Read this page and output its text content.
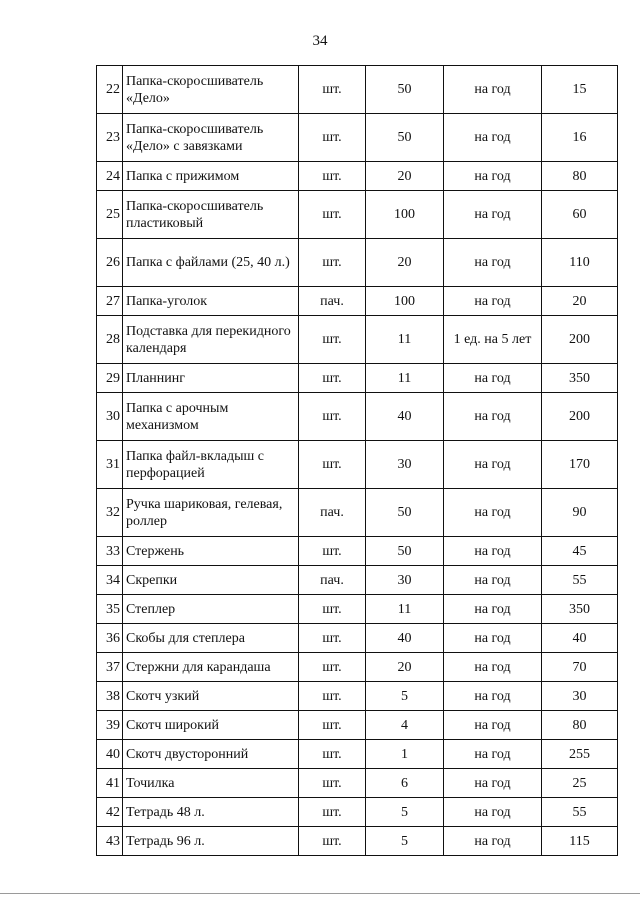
34
22	Папка-скоросшиватель «Дело»	шт.	50	на год	15
23	Папка-скоросшиватель «Дело» с завязками	шт.	50	на год	16
24	Папка с прижимом	шт.	20	на год	80
25	Папка-скоросшиватель пластиковый	шт.	100	на год	60
26	Папка с файлами (25, 40 л.)	шт.	20	на год	110
27	Папка-уголок	пач.	100	на год	20
28	Подставка для перекидного календаря	шт.	11	1 ед. на 5 лет	200
29	Планнинг	шт.	11	на год	350
30	Папка с арочным механизмом	шт.	40	на год	200
31	Папка файл-вкладыш с перфорацией	шт.	30	на год	170
32	Ручка шариковая, гелевая, роллер	пач.	50	на год	90
33	Стержень	шт.	50	на год	45
34	Скрепки	пач.	30	на год	55
35	Степлер	шт.	11	на год	350
36	Скобы для степлера	шт.	40	на год	40
37	Стержни для карандаша	шт.	20	на год	70
38	Скотч узкий	шт.	5	на год	30
39	Скотч широкий	шт.	4	на год	80
40	Скотч двусторонний	шт.	1	на год	255
41	Точилка	шт.	6	на год	25
42	Тетрадь 48 л.	шт.	5	на год	55
43	Тетрадь 96 л.	шт.	5	на год	115
